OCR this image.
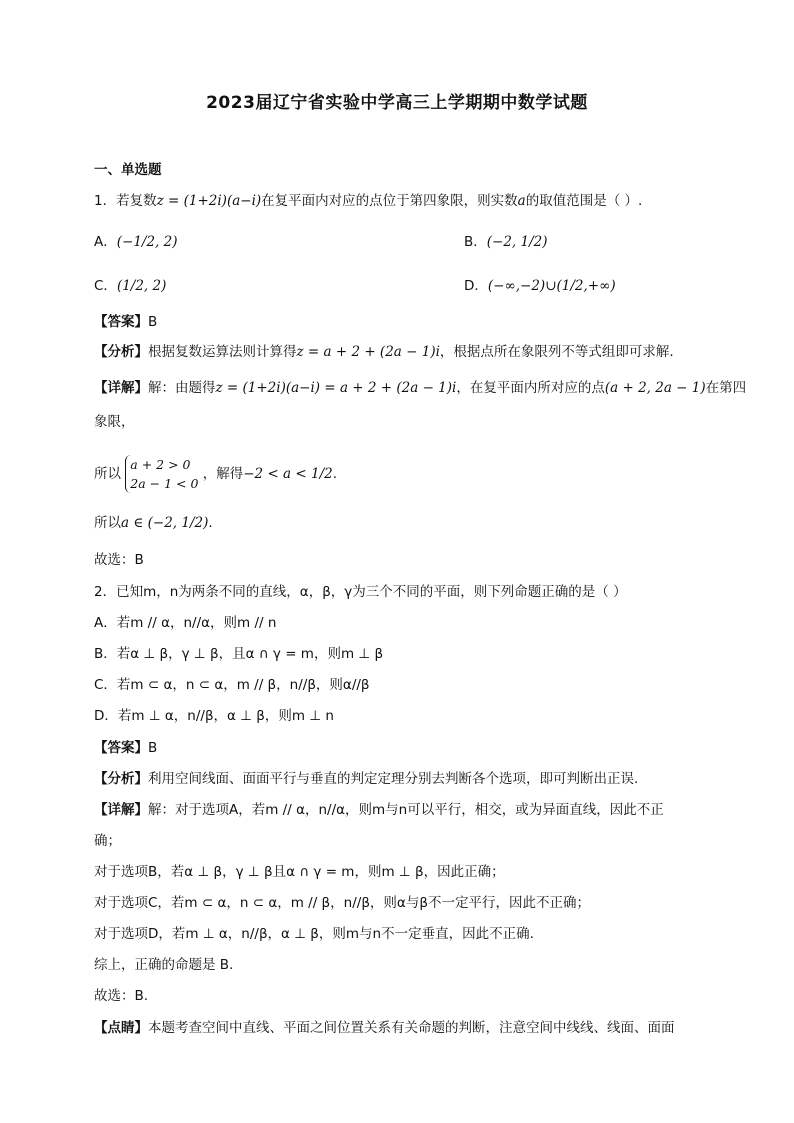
2023届辽宁省实验中学高三上学期期中数学试题
一、单选题
1．若复数z = (1+2i)(a−i)在复平面内对应的点位于第四象限，则实数a的取值范围是（ ）.
A．(−1/2, 2)	B．(−2, 1/2)
C．(1/2, 2)	D．(−∞,−2)∪(1/2,+∞)
【答案】B
【分析】根据复数运算法则计算得z = a + 2 + (2a − 1)i，根据点所在象限列不等式组即可求解.
【详解】解：由题得z = (1+2i)(a−i) = a + 2 + (2a − 1)i，在复平面内所对应的点(a + 2, 2a − 1)在第四
象限，
所以
a + 2 > 0
2a − 1 < 0
，解得−2 < a < 1/2.
所以a ∈ (−2, 1/2).
故选：B
2．已知m，n为两条不同的直线，α，β，γ为三个不同的平面，则下列命题正确的是（ ）
A．若m // α，n//α，则m // n
B．若α ⊥ β，γ ⊥ β，且α ∩ γ = m，则m ⊥ β
C．若m ⊂ α，n ⊂ α，m // β，n//β，则α//β
D．若m ⊥ α，n//β，α ⊥ β，则m ⊥ n
【答案】B
【分析】利用空间线面、面面平行与垂直的判定定理分别去判断各个选项，即可判断出正误.
【详解】解：对于选项A，若m // α，n//α，则m与n可以平行，相交，或为异面直线，因此不正
确；
对于选项B，若α ⊥ β，γ ⊥ β且α ∩ γ = m，则m ⊥ β，因此正确；
对于选项C，若m ⊂ α，n ⊂ α，m // β，n//β，则α与β不一定平行，因此不正确；
对于选项D，若m ⊥ α，n//β，α ⊥ β，则m与n不一定垂直，因此不正确.
综上，正确的命题是 B.
故选：B.
【点睛】本题考查空间中直线、平面之间位置关系有关命题的判断，注意空间中线线、线面、面面
